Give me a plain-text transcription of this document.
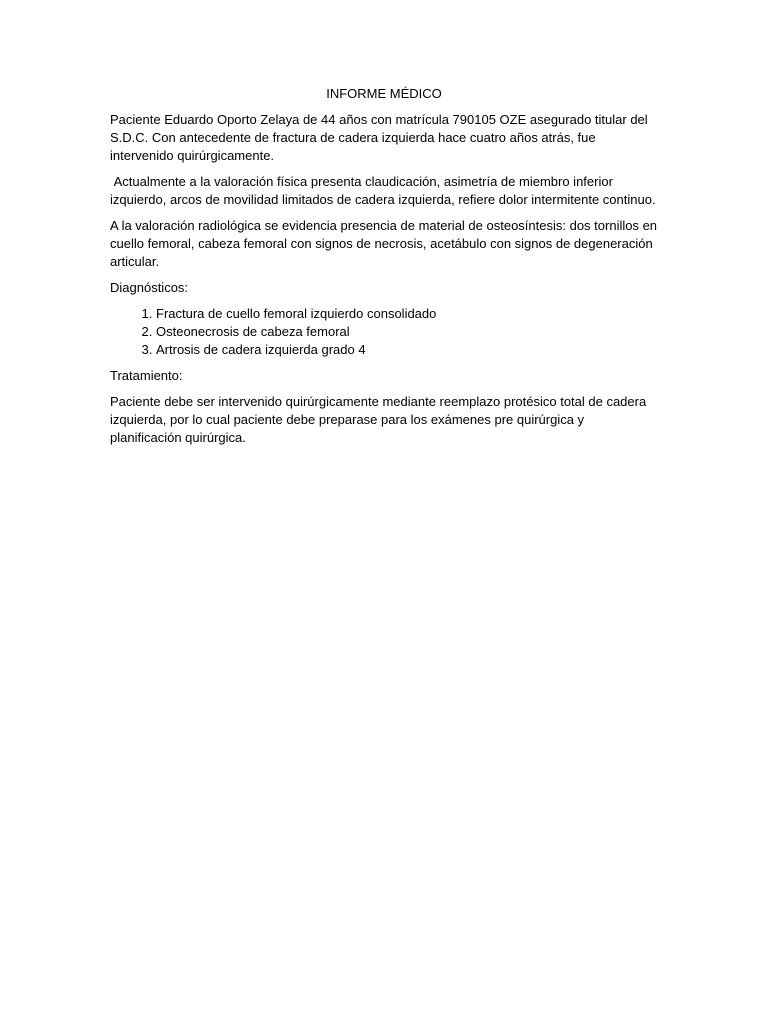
INFORME MÉDICO

Paciente Eduardo Oporto Zelaya de 44 años con matrícula 790105 OZE asegurado titular del S.D.C. Con antecedente de fractura de cadera izquierda hace cuatro años atrás, fue intervenido quirúrgicamente.

Actualmente a la valoración física presenta claudicación, asimetría de miembro inferior izquierdo, arcos de movilidad limitados de cadera izquierda, refiere dolor intermitente continuo.

A la valoración radiológica se evidencia presencia de material de osteosíntesis: dos tornillos en cuello femoral, cabeza femoral con signos de necrosis, acetábulo con signos de degeneración articular.

Diagnósticos:

1. Fractura de cuello femoral izquierdo consolidado
2. Osteonecrosis de cabeza femoral
3. Artrosis de cadera izquierda grado 4

Tratamiento:

Paciente debe ser intervenido quirúrgicamente mediante reemplazo protésico total de cadera izquierda, por lo cual paciente debe preparase para los exámenes pre quirúrgica y planificación quirúrgica.
